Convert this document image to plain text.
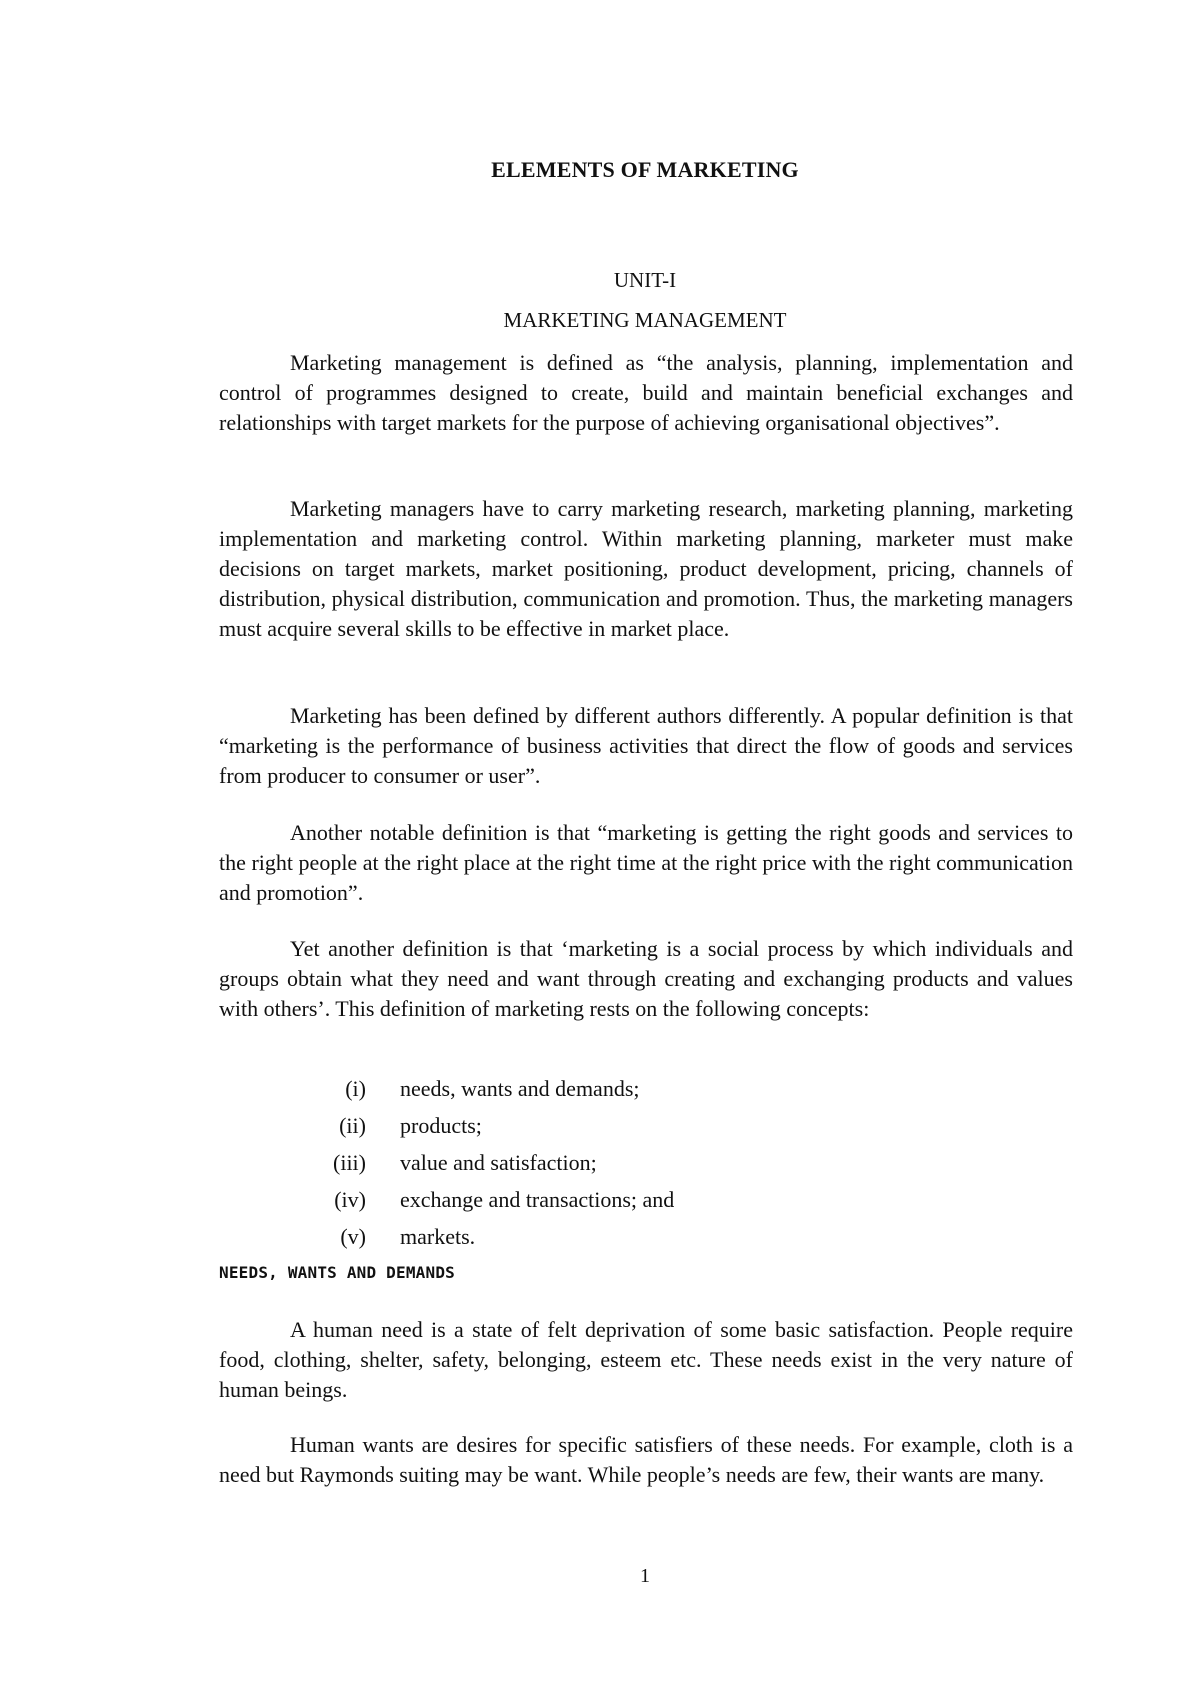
ELEMENTS OF MARKETING

UNIT-I

MARKETING MANAGEMENT

Marketing management is defined as “the analysis, planning, implementation and control of programmes designed to create, build and maintain beneficial exchanges and relationships with target markets for the purpose of achieving organisational objectives”.

Marketing managers have to carry marketing research, marketing planning, marketing implementation and marketing control. Within marketing planning, marketer must make decisions on target markets, market positioning, product development, pricing, channels of distribution, physical distribution, communication and promotion. Thus, the marketing managers must acquire several skills to be effective in market place.

Marketing has been defined by different authors differently. A popular definition is that “marketing is the performance of business activities that direct the flow of goods and services from producer to consumer or user”.

Another notable definition is that “marketing is getting the right goods and services to the right people at the right place at the right time at the right price with the right communication and promotion”.

Yet another definition is that ‘marketing is a social process by which individuals and groups obtain what they need and want through creating and exchanging products and values with others’. This definition of marketing rests on the following concepts:

(i) needs, wants and demands;
(ii) products;
(iii) value and satisfaction;
(iv) exchange and transactions; and
(v) markets.
NEEDS, WANTS AND DEMANDS

A human need is a state of felt deprivation of some basic satisfaction. People require food, clothing, shelter, safety, belonging, esteem etc. These needs exist in the very nature of human beings.

Human wants are desires for specific satisfiers of these needs. For example, cloth is a need but Raymonds suiting may be want. While people’s needs are few, their wants are many.

1
